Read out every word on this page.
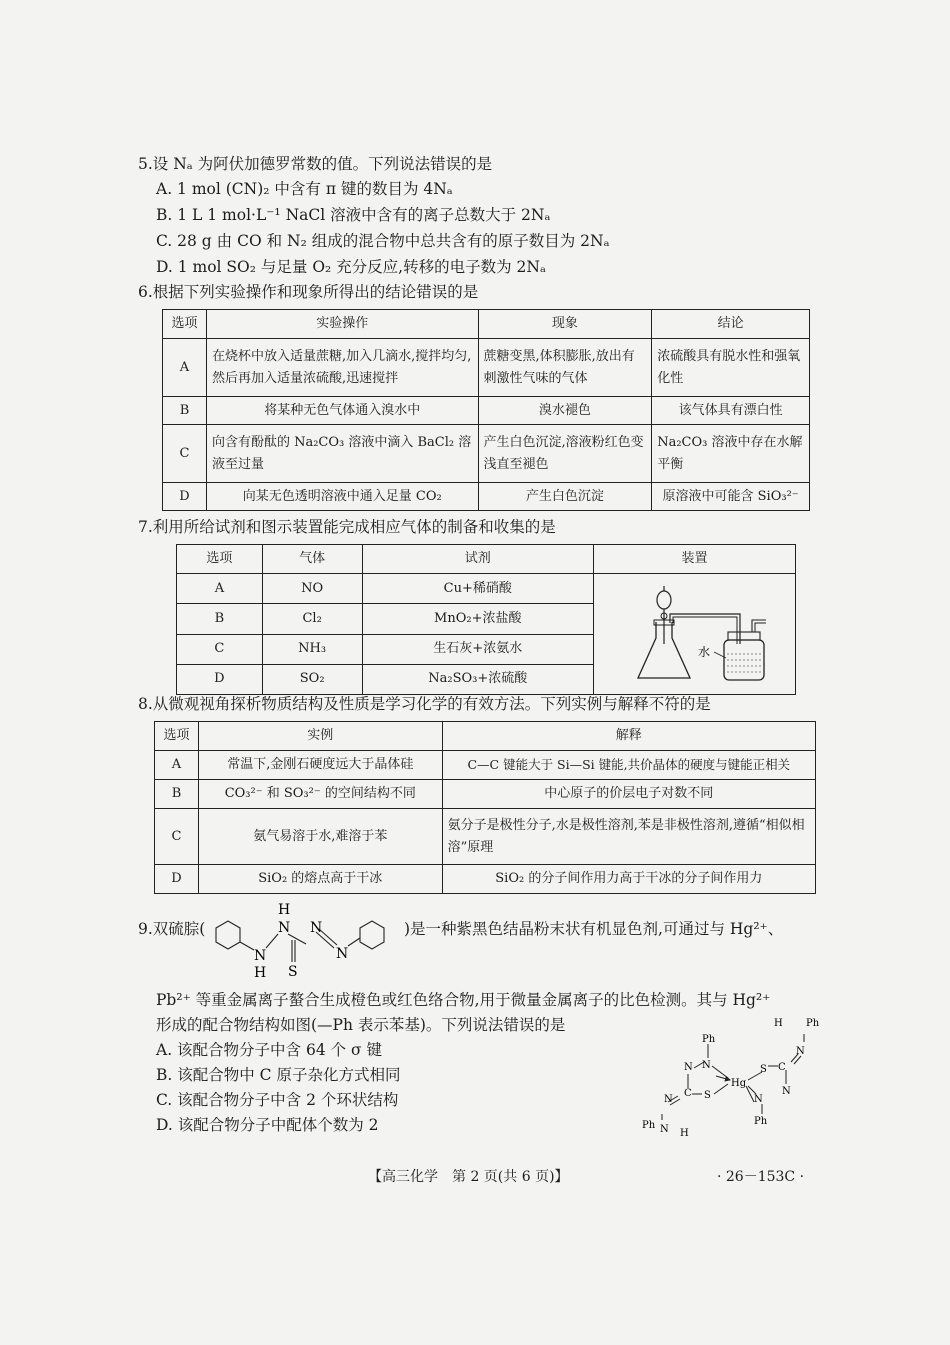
5.设 Nₐ 为阿伏加德罗常数的值。下列说法错误的是
A. 1 mol (CN)₂ 中含有 π 键的数目为 4Nₐ
B. 1 L 1 mol·L⁻¹ NaCl 溶液中含有的离子总数大于 2Nₐ
C. 28 g 由 CO 和 N₂ 组成的混合物中总共含有的原子数目为 2Nₐ
D. 1 mol SO₂ 与足量 O₂ 充分反应,转移的电子数为 2Nₐ
6.根据下列实验操作和现象所得出的结论错误的是
选项	实验操作	现象	结论
A	在烧杯中放入适量蔗糖,加入几滴水,搅拌均匀,然后再加入适量浓硫酸,迅速搅拌	蔗糖变黑,体积膨胀,放出有刺激性气味的气体	浓硫酸具有脱水性和强氧化性
B	将某种无色气体通入溴水中	溴水褪色	该气体具有漂白性
C	向含有酚酞的 Na₂CO₃ 溶液中滴入 BaCl₂ 溶液至过量	产生白色沉淀,溶液粉红色变浅直至褪色	Na₂CO₃ 溶液中存在水解平衡
D	向某无色透明溶液中通入足量 CO₂	产生白色沉淀	原溶液中可能含 SiO₃²⁻
7.利用所给试剂和图示装置能完成相应气体的制备和收集的是
选项	气体	试剂	装置
A	NO	Cu+稀硝酸	水

B	Cl₂	MnO₂+浓盐酸	
C	NH₃	生石灰+浓氨水	
D	SO₂	Na₂SO₃+浓硫酸	
8.从微观视角探析物质结构及性质是学习化学的有效方法。下列实例与解释不符的是
选项	实例	解释
A	常温下,金刚石硬度远大于晶体硅	C—C 键能大于 Si—Si 键能,共价晶体的硬度与键能正相关
B	CO₃²⁻ 和 SO₃²⁻ 的空间结构不同	中心原子的价层电子对数不同
C	氨气易溶于水,难溶于苯	氨分子是极性分子,水是极性溶剂,苯是非极性溶剂,遵循“相似相溶”原理
D	SiO₂ 的熔点高于干冰	SiO₂ 的分子间作用力高于干冰的分子间作用力
9.双硫腙(
H
N N
N
H
N
S
)是一种紫黑色结晶粉末状有机显色剂,可通过与 Hg²⁺、
Pb²⁺ 等重金属离子螯合生成橙色或红色络合物,用于微量金属离子的比色检测。其与 Hg²⁺
形成的配合物结构如图(—Ph 表示苯基)。下列说法错误的是
A. 该配合物分子中含 64 个 σ 键
B. 该配合物中 C 原子杂化方式相同
C. 该配合物分子中含 2 个环状结构
D. 该配合物分子中配体个数为 2
Ph
N
N
C S
Hg
S C
N
N
Ph
N
H Ph
N
Ph N H
【高三化学　第 2 页(共 6 页)】	· 26－153C ·
